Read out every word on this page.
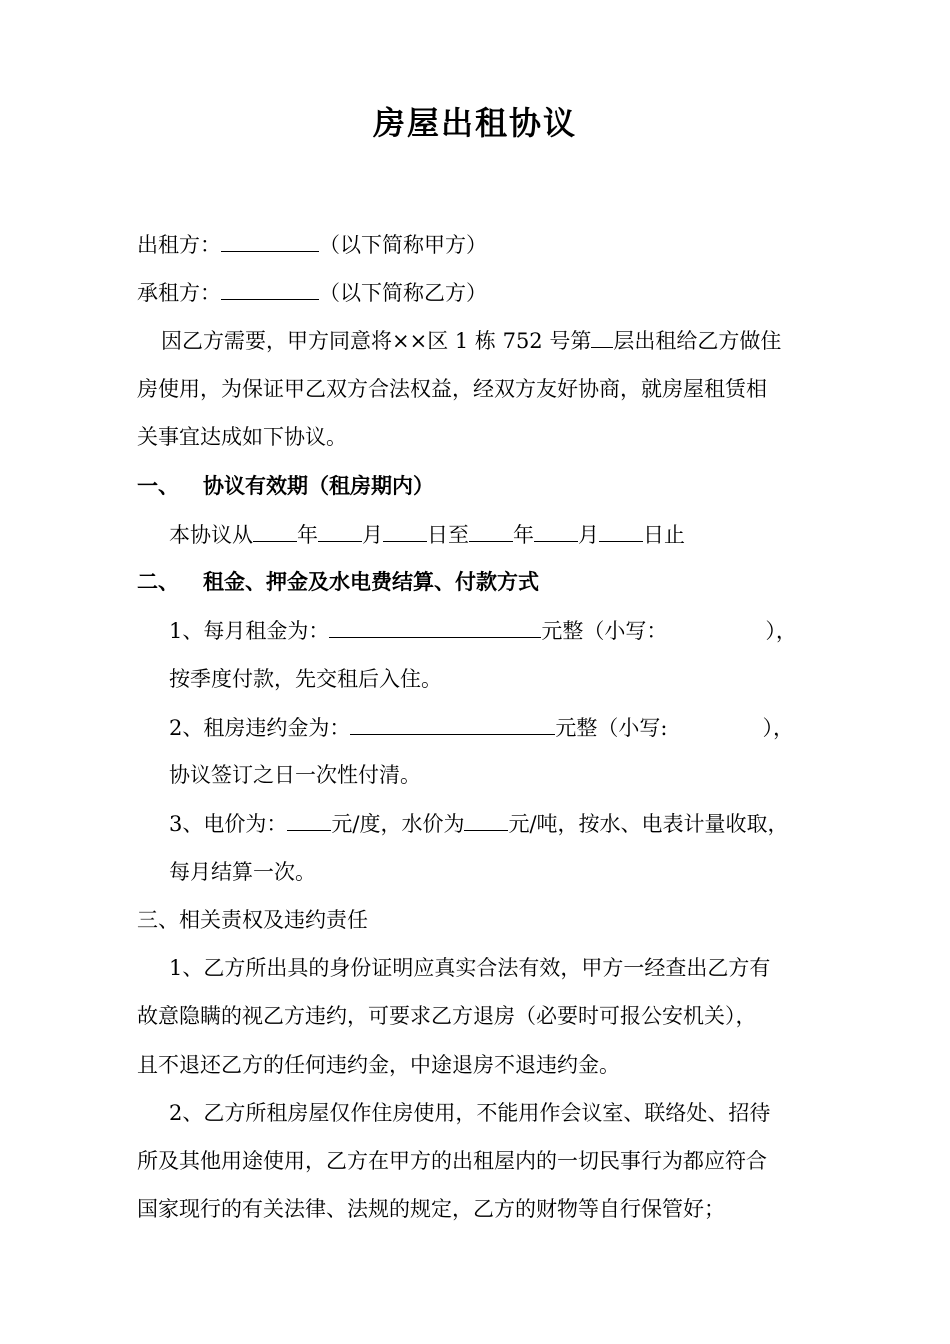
房屋出租协议
出租方：	（以下简称甲方）
承租方：	（以下简称乙方）
因乙方需要，甲方同意将××区 1 栋 752 号第 层出租给乙方做住
房使用，为保证甲乙双方合法权益，经双方友好协商，就房屋租赁相
关事宜达成如下协议。
一、 协议有效期（租房期内）
本协议从 年 月 日至 年 月 日止
二、 租金、押金及水电费结算、付款方式
1、每月租金为：	元整（小写：	），
按季度付款，先交租后入住。
2、租房违约金为：	元整（小写:	），
协议签订之日一次性付清。
3、电价为： 元/度，水价为 元/吨，按水、电表计量收取，
每月结算一次。
三、相关责权及违约责任
1、乙方所出具的身份证明应真实合法有效，甲方一经查出乙方有
故意隐瞒的视乙方违约，可要求乙方退房（必要时可报公安机关），
且不退还乙方的任何违约金，中途退房不退违约金。
2、乙方所租房屋仅作住房使用，不能用作会议室、联络处、招待
所及其他用途使用，乙方在甲方的出租屋内的一切民事行为都应符合
国家现行的有关法律、法规的规定，乙方的财物等自行保管好；
